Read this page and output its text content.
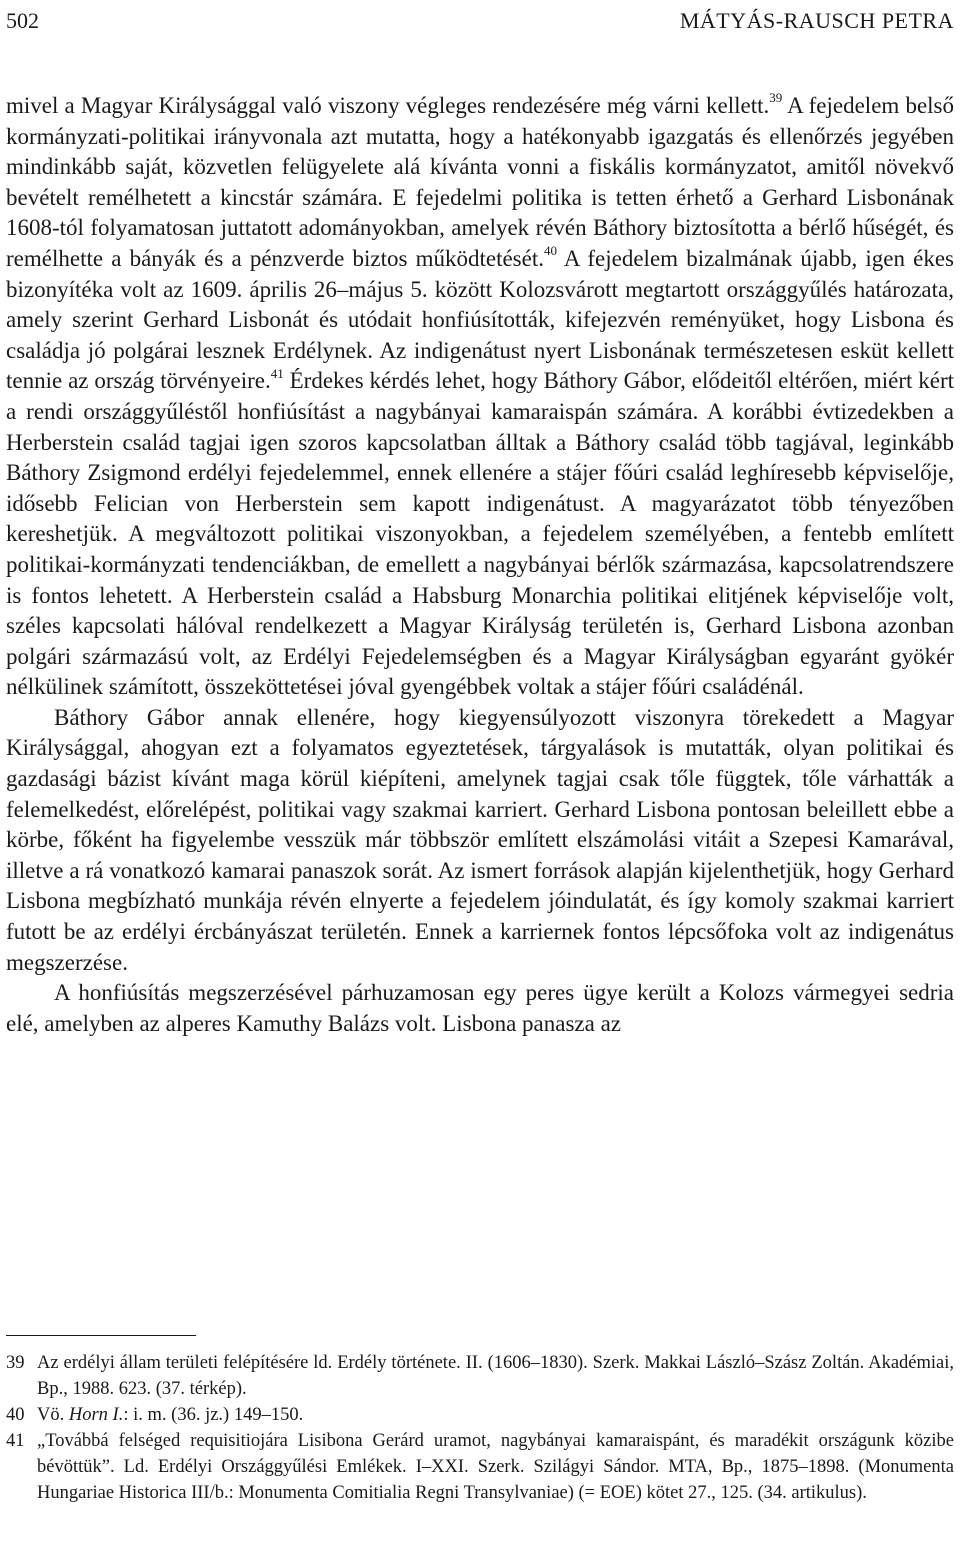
502	MÁTYÁS-RAUSCH PETRA

mivel a Magyar Királysággal való viszony végleges rendezésére még várni kellett.$^{39}$ A fejedelem belső kormányzati-politikai irányvonala azt mutatta, hogy a hatékonyabb igazgatás és ellenőrzés jegyében mindinkább saját, közvetlen felügyelete alá kívánta vonni a fiskális kormányzatot, amitől növekvő bevételt remélhetett a kincstár számára. E fejedelmi politika is tetten érhető a Gerhard Lisbonának 1608-tól folyamatosan juttatott adományokban, amelyek révén Báthory biztosította a bérlő hűségét, és remélhette a bányák és a pénzverde biztos működtetését.$^{40}$ A fejedelem bizalmának újabb, igen ékes bizonyítéka volt az 1609. április 26–május 5. között Kolozsvárott megtartott országgyűlés határozata, amely szerint Gerhard Lisbonát és utódait honfiúsították, kifejezvén reményüket, hogy Lisbona és családja jó polgárai lesznek Erdélynek. Az indigenátust nyert Lisbonának természetesen esküt kellett tennie az ország törvényeire.$^{41}$ Érdekes kérdés lehet, hogy Báthory Gábor, elődeitől eltérően, miért kért a rendi országgyűléstől honfiúsítást a nagybányai kamaraispán számára. A korábbi évtizedekben a Herberstein család tagjai igen szoros kapcsolatban álltak a Báthory család több tagjával, leginkább Báthory Zsigmond erdélyi fejedelemmel, ennek ellenére a stájer főúri család leghíresebb képviselője, idősebb Felician von Herberstein sem kapott indigenátust. A magyarázatot több tényezőben kereshetjük. A megváltozott politikai viszonyokban, a fejedelem személyében, a fentebb említett politikai-kormányzati tendenciákban, de emellett a nagybányai bérlők származása, kapcsolatrendszere is fontos lehetett. A Herberstein család a Habsburg Monarchia politikai elitjének képviselője volt, széles kapcsolati hálóval rendelkezett a Magyar Királyság területén is, Gerhard Lisbona azonban polgári származású volt, az Erdélyi Fejedelemségben és a Magyar Királyságban egyaránt gyökér nélkülinek számított, összeköttetései jóval gyengébbek voltak a stájer főúri családénál.

Báthory Gábor annak ellenére, hogy kiegyensúlyozott viszonyra törekedett a Magyar Királysággal, ahogyan ezt a folyamatos egyeztetések, tárgyalások is mutatták, olyan politikai és gazdasági bázist kívánt maga körül kiépíteni, amelynek tagjai csak tőle függtek, tőle várhatták a felemelkedést, előrelépést, politikai vagy szakmai karriert. Gerhard Lisbona pontosan beleillett ebbe a körbe, főként ha figyelembe vesszük már többször említett elszámolási vitáit a Szepesi Kamarával, illetve a rá vonatkozó kamarai panaszok sorát. Az ismert források alapján kijelenthetjük, hogy Gerhard Lisbona megbízható munkája révén elnyerte a fejedelem jóindulatát, és így komoly szakmai karriert futott be az erdélyi ércbányászat területén. Ennek a karriernek fontos lépcsőfoka volt az indigenátus megszerzése.

A honfiúsítás megszerzésével párhuzamosan egy peres ügye került a Kolozs vármegyei sedria elé, amelyben az alperes Kamuthy Balázs volt. Lisbona panasza az

39 Az erdélyi állam területi felépítésére ld. Erdély története. II. (1606–1830). Szerk. Makkai László–Szász Zoltán. Akadémiai, Bp., 1988. 623. (37. térkép).

40 Vö. Horn I.: i. m. (36. jz.) 149–150.

41 „Továbbá felséged requisitiojára Lisibona Gerárd uramot, nagybányai kamaraispánt, és maradékit országunk közibe bévöttük”. Ld. Erdélyi Országgyűlési Emlékek. I–XXI. Szerk. Szilágyi Sándor. MTA, Bp., 1875–1898. (Monumenta Hungariae Historica III/b.: Monumenta Comitialia Regni Transylvaniae) (= EOE) kötet 27., 125. (34. artikulus).
